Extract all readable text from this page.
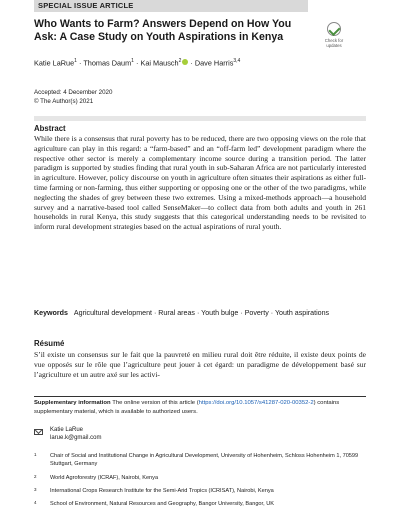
SPECIAL ISSUE ARTICLE
Check for updates
Who Wants to Farm? Answers Depend on How You Ask: A Case Study on Youth Aspirations in Kenya
Katie LaRue$^1$ · Thomas Daum$^1$ · Kai Mausch$^2$ · Dave Harris$^{3,4}$
Accepted: 4 December 2020
© The Author(s) 2021
Abstract
While there is a consensus that rural poverty has to be reduced, there are two opposing views on the role that agriculture can play in this regard: a “farm-based” and an “off-farm led” development paradigm where the respective other sector is merely a complementary income source during a transition period. The latter paradigm is supported by studies finding that rural youth in sub-Saharan Africa are not particularly interested in agriculture. However, policy discourse on youth in agriculture often situates their aspirations as either full-time farming or non-farming, thus either supporting or opposing one or the other of the two paradigms, while neglecting the shades of grey between these two extremes. Using a mixed-methods approach—a household survey and a narrative-based tool called SenseMaker—to collect data from both adults and youth in 261 households in rural Kenya, this study suggests that this categorical understanding needs to be revisited to inform rural development strategies based on the actual aspirations of rural youth.
Keywords Agricultural development · Rural areas · Youth bulge · Poverty · Youth aspirations
Résumé
S’il existe un consensus sur le fait que la pauvreté en milieu rural doit être réduite, il existe deux points de vue opposés sur le rôle que l’agriculture peut jouer à cet égard: un paradigme de développement basé sur l’agriculture et un autre axé sur les activi-
Supplementary information The online version of this article (https://doi.org/10.1057/s41287-020-00352-2) contains supplementary material, which is available to authorized users.
Katie LaRue
larue.k@gmail.com
1 Chair of Social and Institutional Change in Agricultural Development, University of Hohenheim, Schloss Hohenheim 1, 70599 Stuttgart, Germany
2 World Agroforestry (ICRAF), Nairobi, Kenya
3 International Crops Research Institute for the Semi-Arid Tropics (ICRISAT), Nairobi, Kenya
4 School of Environment, Natural Resources and Geography, Bangor University, Bangor, UK
